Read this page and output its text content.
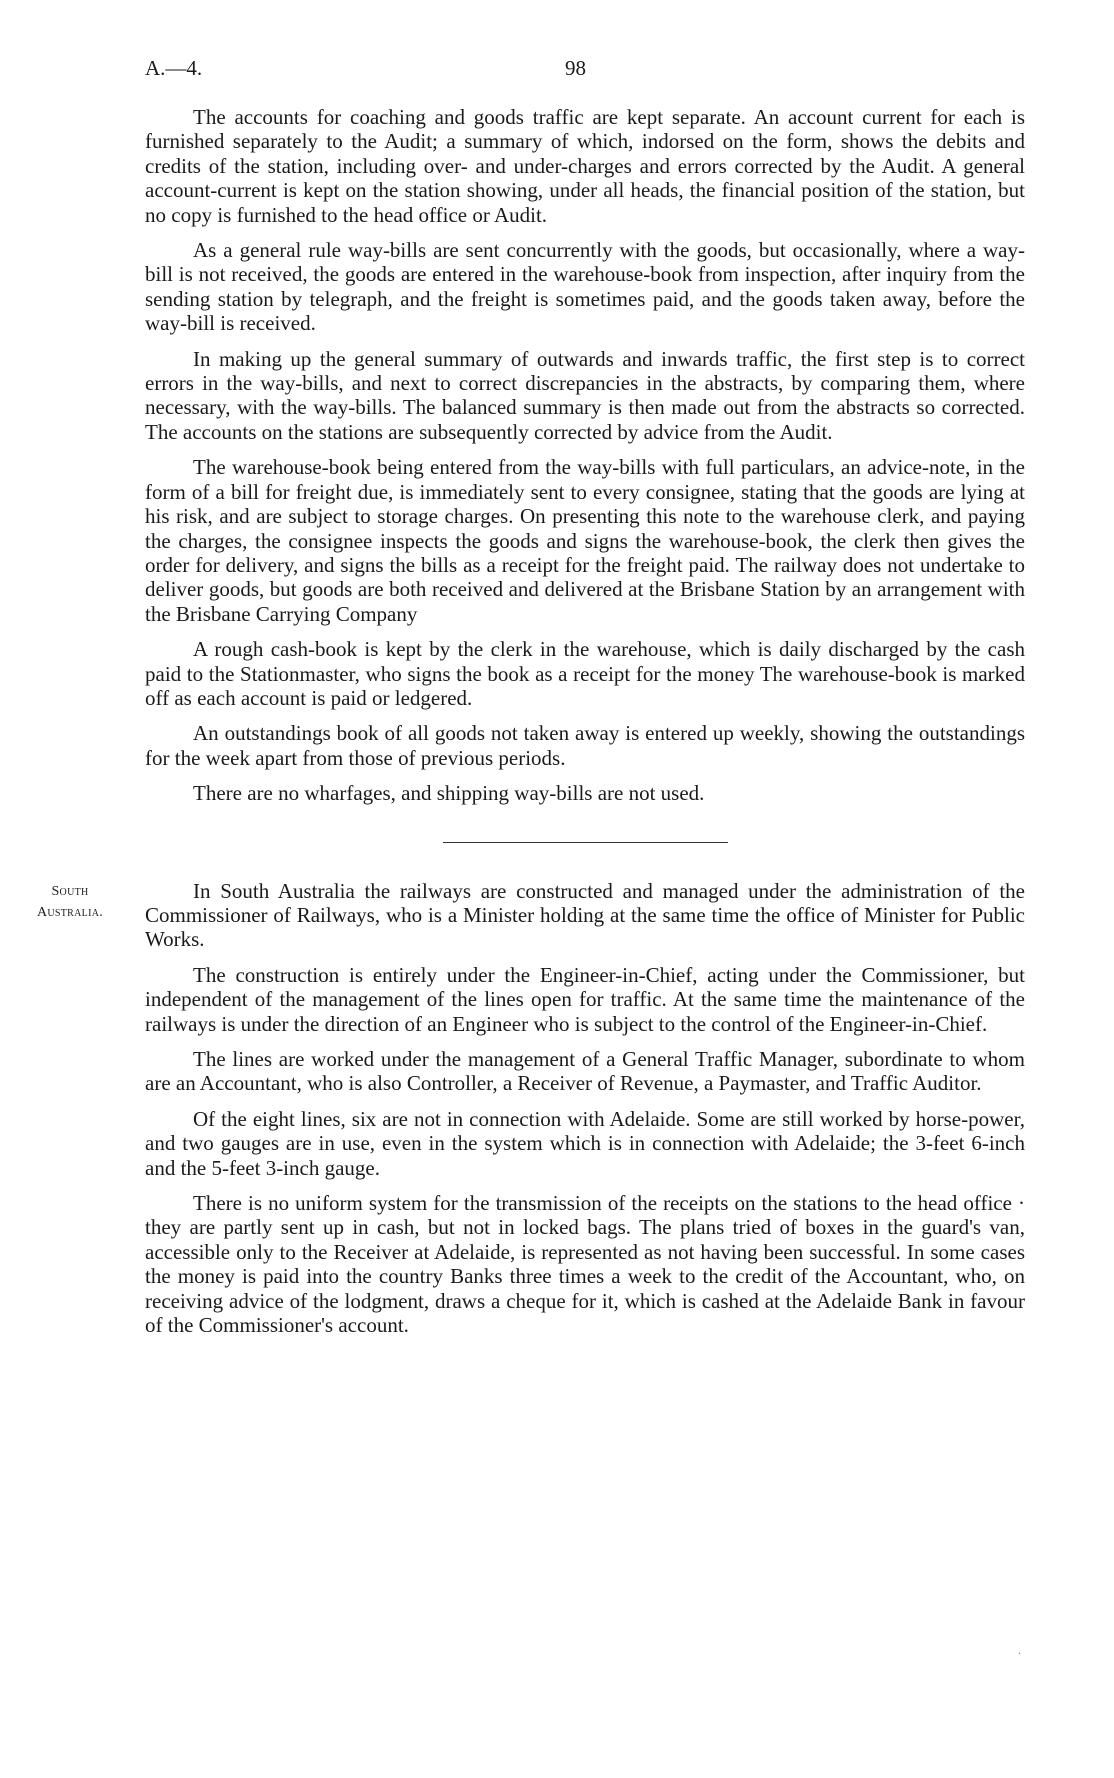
A.—4.	98

The accounts for coaching and goods traffic are kept separate. An account current for each is furnished separately to the Audit; a summary of which, indorsed on the form, shows the debits and credits of the station, including over- and under-charges and errors corrected by the Audit. A general account-current is kept on the station showing, under all heads, the financial position of the station, but no copy is furnished to the head office or Audit.

As a general rule way-bills are sent concurrently with the goods, but occasionally, where a way-bill is not received, the goods are entered in the warehouse-book from inspection, after inquiry from the sending station by telegraph, and the freight is sometimes paid, and the goods taken away, before the way-bill is received.

In making up the general summary of outwards and inwards traffic, the first step is to correct errors in the way-bills, and next to correct discrepancies in the abstracts, by comparing them, where necessary, with the way-bills. The balanced summary is then made out from the abstracts so corrected. The accounts on the stations are subsequently corrected by advice from the Audit.

The warehouse-book being entered from the way-bills with full particulars, an advice-note, in the form of a bill for freight due, is immediately sent to every consignee, stating that the goods are lying at his risk, and are subject to storage charges. On presenting this note to the warehouse clerk, and paying the charges, the consignee inspects the goods and signs the warehouse-book, the clerk then gives the order for delivery, and signs the bills as a receipt for the freight paid. The railway does not undertake to deliver goods, but goods are both received and delivered at the Brisbane Station by an arrangement with the Brisbane Carrying Company

A rough cash-book is kept by the clerk in the warehouse, which is daily discharged by the cash paid to the Stationmaster, who signs the book as a receipt for the money The warehouse-book is marked off as each account is paid or ledgered.

An outstandings book of all goods not taken away is entered up weekly, showing the outstandings for the week apart from those of previous periods.

There are no wharfages, and shipping way-bills are not used.

South
Australia.

In South Australia the railways are constructed and managed under the administration of the Commissioner of Railways, who is a Minister holding at the same time the office of Minister for Public Works.

The construction is entirely under the Engineer-in-Chief, acting under the Commissioner, but independent of the management of the lines open for traffic. At the same time the maintenance of the railways is under the direction of an Engineer who is subject to the control of the Engineer-in-Chief.

The lines are worked under the management of a General Traffic Manager, subordinate to whom are an Accountant, who is also Controller, a Receiver of Revenue, a Paymaster, and Traffic Auditor.

Of the eight lines, six are not in connection with Adelaide. Some are still worked by horse-power, and two gauges are in use, even in the system which is in connection with Adelaide; the 3-feet 6-inch and the 5-feet 3-inch gauge.

There is no uniform system for the transmission of the receipts on the stations to the head office · they are partly sent up in cash, but not in locked bags. The plans tried of boxes in the guard's van, accessible only to the Receiver at Adelaide, is represented as not having been successful. In some cases the money is paid into the country Banks three times a week to the credit of the Accountant, who, on receiving advice of the lodgment, draws a cheque for it, which is cashed at the Adelaide Bank in favour of the Commissioner's account.

.
